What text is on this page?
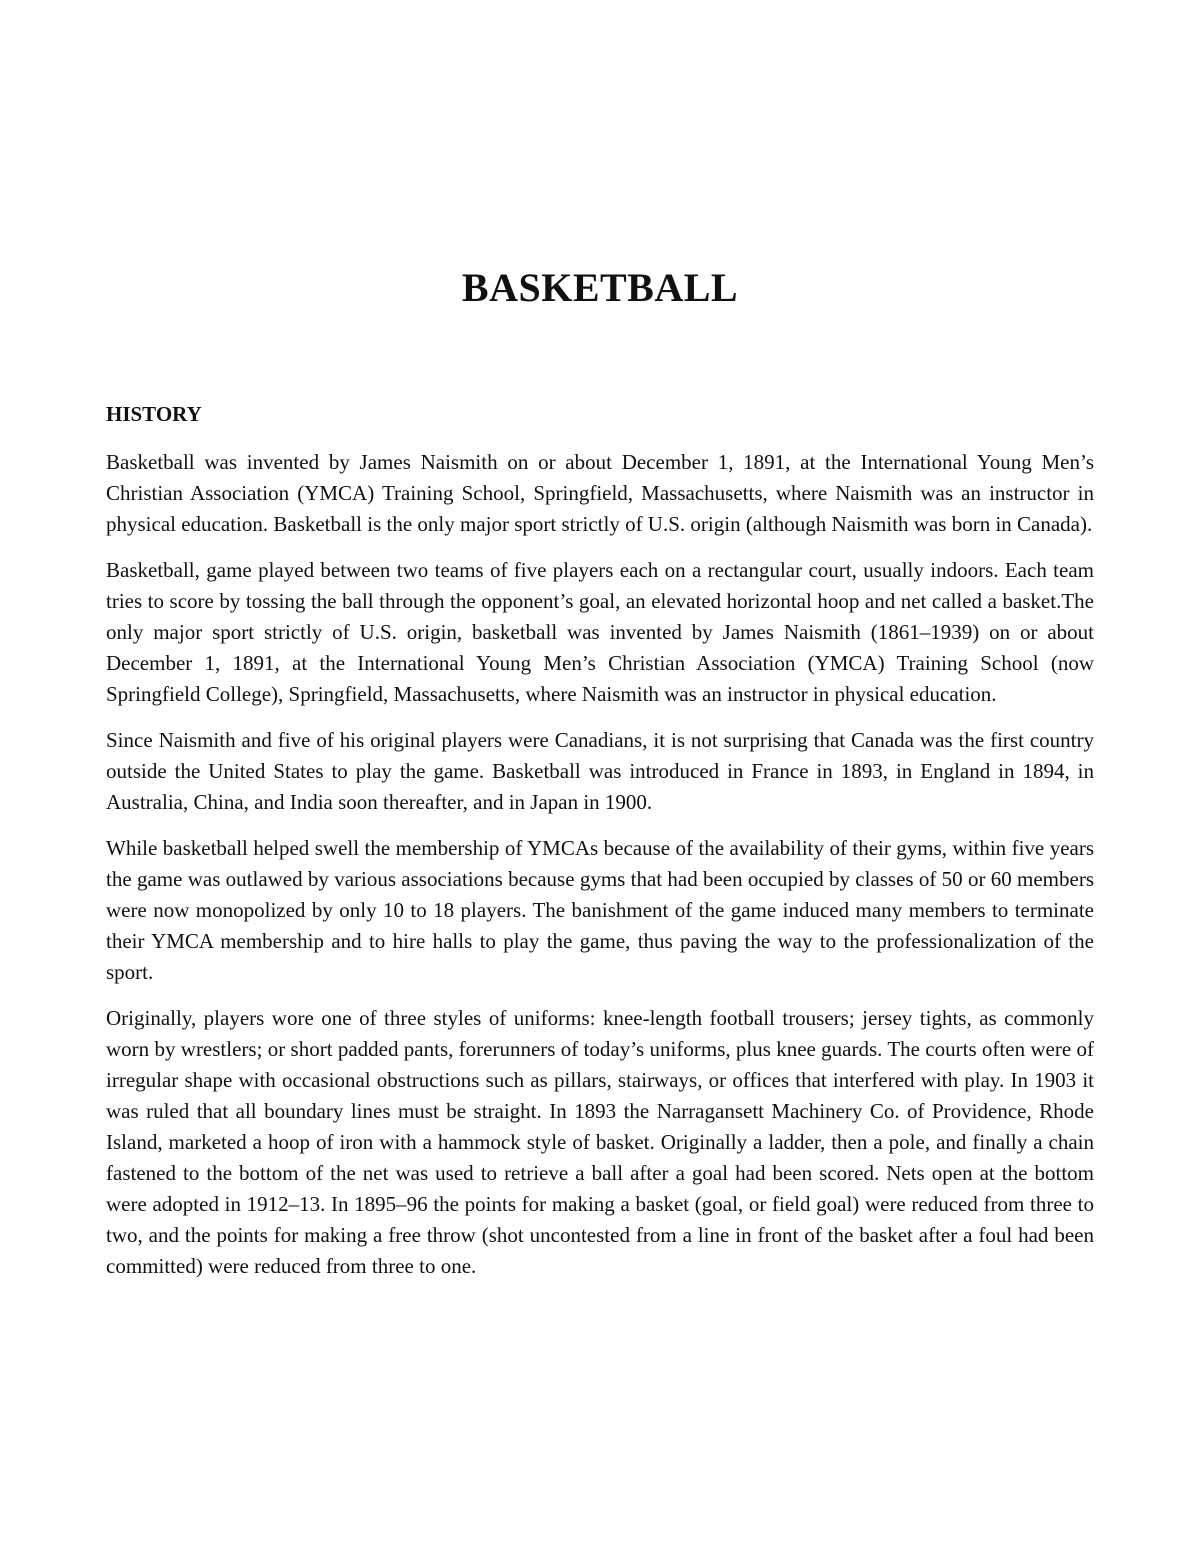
BASKETBALL
HISTORY

Basketball was invented by James Naismith on or about December 1, 1891, at the International Young Men’s Christian Association (YMCA) Training School, Springfield, Massachusetts, where Naismith was an instructor in physical education. Basketball is the only major sport strictly of U.S. origin (although Naismith was born in Canada).

Basketball, game played between two teams of five players each on a rectangular court, usually indoors. Each team tries to score by tossing the ball through the opponent’s goal, an elevated horizontal hoop and net called a basket.The only major sport strictly of U.S. origin, basketball was invented by James Naismith (1861–1939) on or about December 1, 1891, at the International Young Men’s Christian Association (YMCA) Training School (now Springfield College), Springfield, Massachusetts, where Naismith was an instructor in physical education.

Since Naismith and five of his original players were Canadians, it is not surprising that Canada was the first country outside the United States to play the game. Basketball was introduced in France in 1893, in England in 1894, in Australia, China, and India soon thereafter, and in Japan in 1900.

While basketball helped swell the membership of YMCAs because of the availability of their gyms, within five years the game was outlawed by various associations because gyms that had been occupied by classes of 50 or 60 members were now monopolized by only 10 to 18 players. The banishment of the game induced many members to terminate their YMCA membership and to hire halls to play the game, thus paving the way to the professionalization of the sport.

Originally, players wore one of three styles of uniforms: knee-length football trousers; jersey tights, as commonly worn by wrestlers; or short padded pants, forerunners of today’s uniforms, plus knee guards. The courts often were of irregular shape with occasional obstructions such as pillars, stairways, or offices that interfered with play. In 1903 it was ruled that all boundary lines must be straight. In 1893 the Narragansett Machinery Co. of Providence, Rhode Island, marketed a hoop of iron with a hammock style of basket. Originally a ladder, then a pole, and finally a chain fastened to the bottom of the net was used to retrieve a ball after a goal had been scored. Nets open at the bottom were adopted in 1912–13. In 1895–96 the points for making a basket (goal, or field goal) were reduced from three to two, and the points for making a free throw (shot uncontested from a line in front of the basket after a foul had been committed) were reduced from three to one.
